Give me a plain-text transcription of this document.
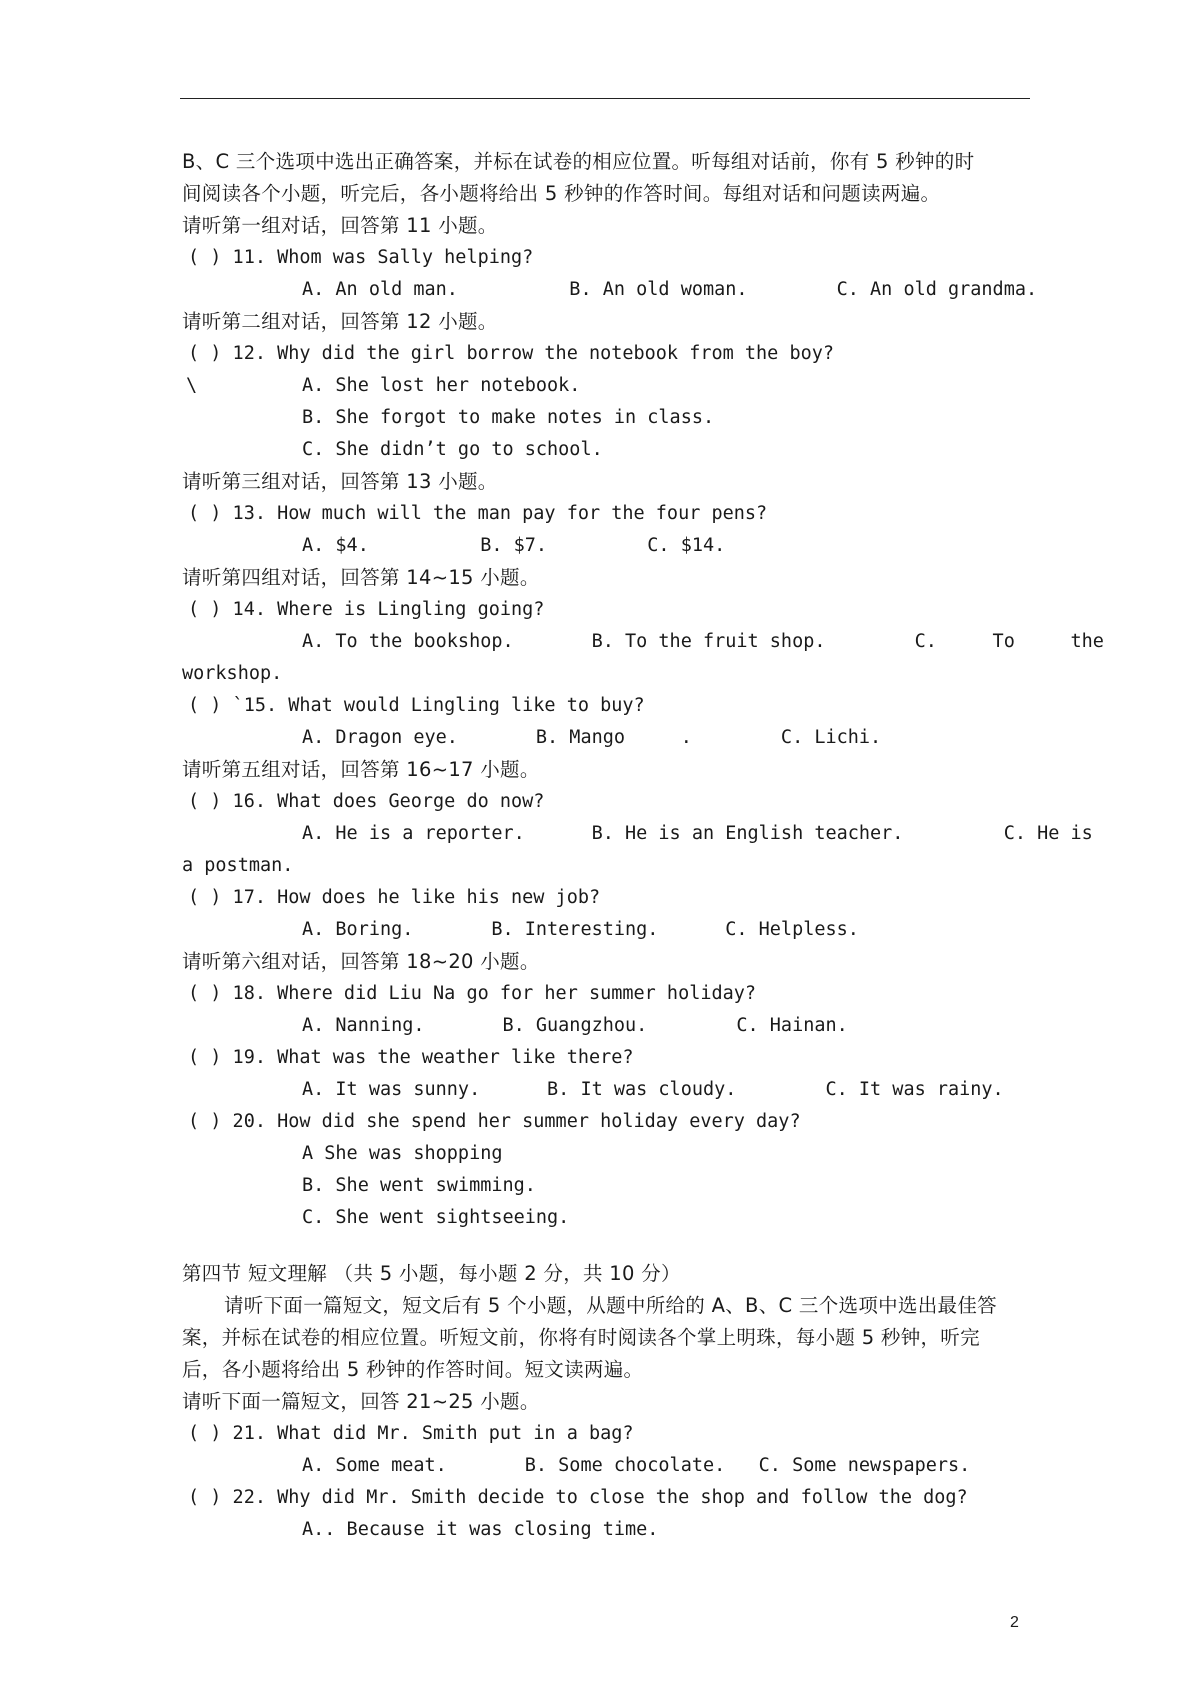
B、C 三个选项中选出正确答案，并标在试卷的相应位置。听每组对话前，你有 5 秒钟的时
间阅读各个小题，听完后，各小题将给出 5 秒钟的作答时间。每组对话和问题读两遍。
请听第一组对话，回答第 11 小题。
( ) 11. Whom was Sally helping?
A. An old man.          B. An old woman.        C. An old grandma.
请听第二组对话，回答第 12 小题。
( ) 12. Why did the girl borrow the notebook from the boy?
\	A. She lost her notebook.
B. She forgot to make notes in class.
C. She didn’t go to school.
请听第三组对话，回答第 13 小题。
( ) 13. How much will the man pay for the four pens?
A. $4.          B. $7.         C. $14.
请听第四组对话，回答第 14~15 小题。
( ) 14. Where is Lingling going?
A. To the bookshop.       B. To the fruit shop.        C.     To     the
workshop.
( ) `15. What would Lingling like to buy?
A. Dragon eye.       B. Mango     .        C. Lichi.
请听第五组对话，回答第 16~17 小题。
( ) 16. What does George do now?
A. He is a reporter.      B. He is an English teacher.         C. He is
a postman.
( ) 17. How does he like his new job?
A. Boring.       B. Interesting.      C. Helpless.
请听第六组对话，回答第 18~20 小题。
( ) 18. Where did Liu Na go for her summer holiday?
A. Nanning.       B. Guangzhou.        C. Hainan.
( ) 19. What was the weather like there?
A. It was sunny.      B. It was cloudy.        C. It was rainy.
( ) 20. How did she spend her summer holiday every day?
A She was shopping
B. She went swimming.
C. She went sightseeing.
第四节 短文理解 （共 5 小题，每小题 2 分，共 10 分）
请听下面一篇短文，短文后有 5 个小题，从题中所给的 A、B、C 三个选项中选出最佳答
案，并标在试卷的相应位置。听短文前，你将有时阅读各个掌上明珠，每小题 5 秒钟，听完
后，各小题将给出 5 秒钟的作答时间。短文读两遍。
请听下面一篇短文，回答 21~25 小题。
( ) 21. What did Mr. Smith put in a bag?
A. Some meat.       B. Some chocolate.   C. Some newspapers.
( ) 22. Why did Mr. Smith decide to close the shop and follow the dog?
A.. Because it was closing time.
2
